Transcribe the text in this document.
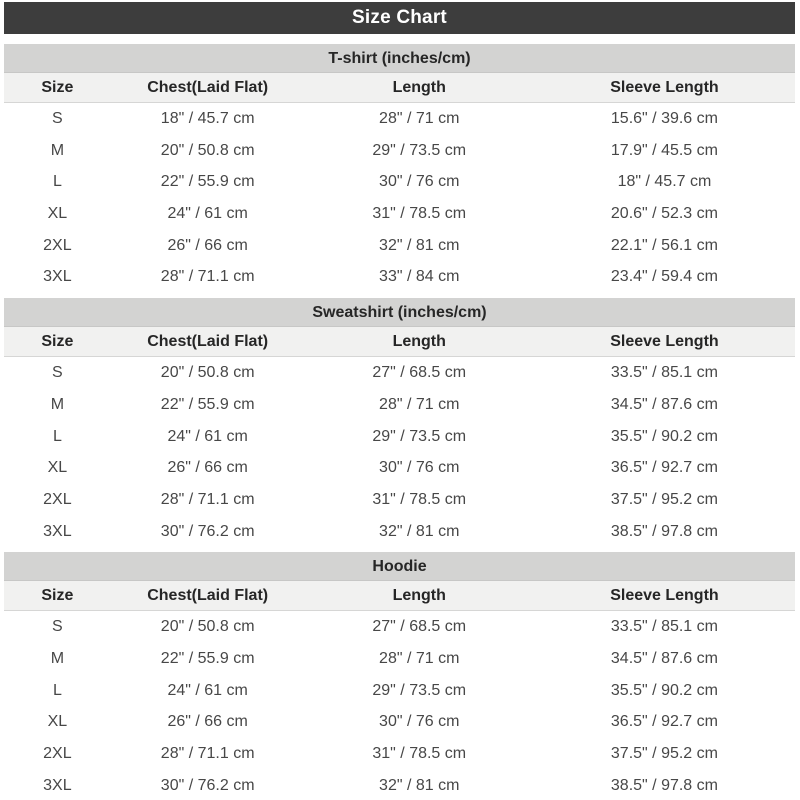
Size Chart
T-shirt (inches/cm)
Size	Chest(Laid Flat)	Length	Sleeve Length
S	18" / 45.7 cm	28" / 71 cm	15.6" / 39.6 cm
M	20" / 50.8 cm	29" / 73.5 cm	17.9" / 45.5 cm
L	22" / 55.9 cm	30" / 76 cm	18" / 45.7 cm
XL	24" / 61 cm	31" / 78.5 cm	20.6" / 52.3 cm
2XL	26" / 66 cm	32" / 81 cm	22.1" / 56.1 cm
3XL	28" / 71.1 cm	33" / 84 cm	23.4" / 59.4 cm
Sweatshirt (inches/cm)
Size	Chest(Laid Flat)	Length	Sleeve Length
S	20" / 50.8 cm	27" / 68.5 cm	33.5" / 85.1 cm
M	22" / 55.9 cm	28" / 71 cm	34.5" / 87.6 cm
L	24" / 61 cm	29" / 73.5 cm	35.5" / 90.2 cm
XL	26" / 66 cm	30" / 76 cm	36.5" / 92.7 cm
2XL	28" / 71.1 cm	31" / 78.5 cm	37.5" / 95.2 cm
3XL	30" / 76.2 cm	32" / 81 cm	38.5" / 97.8 cm
Hoodie
Size	Chest(Laid Flat)	Length	Sleeve Length
S	20" / 50.8 cm	27" / 68.5 cm	33.5" / 85.1 cm
M	22" / 55.9 cm	28" / 71 cm	34.5" / 87.6 cm
L	24" / 61 cm	29" / 73.5 cm	35.5" / 90.2 cm
XL	26" / 66 cm	30" / 76 cm	36.5" / 92.7 cm
2XL	28" / 71.1 cm	31" / 78.5 cm	37.5" / 95.2 cm
3XL	30" / 76.2 cm	32" / 81 cm	38.5" / 97.8 cm
